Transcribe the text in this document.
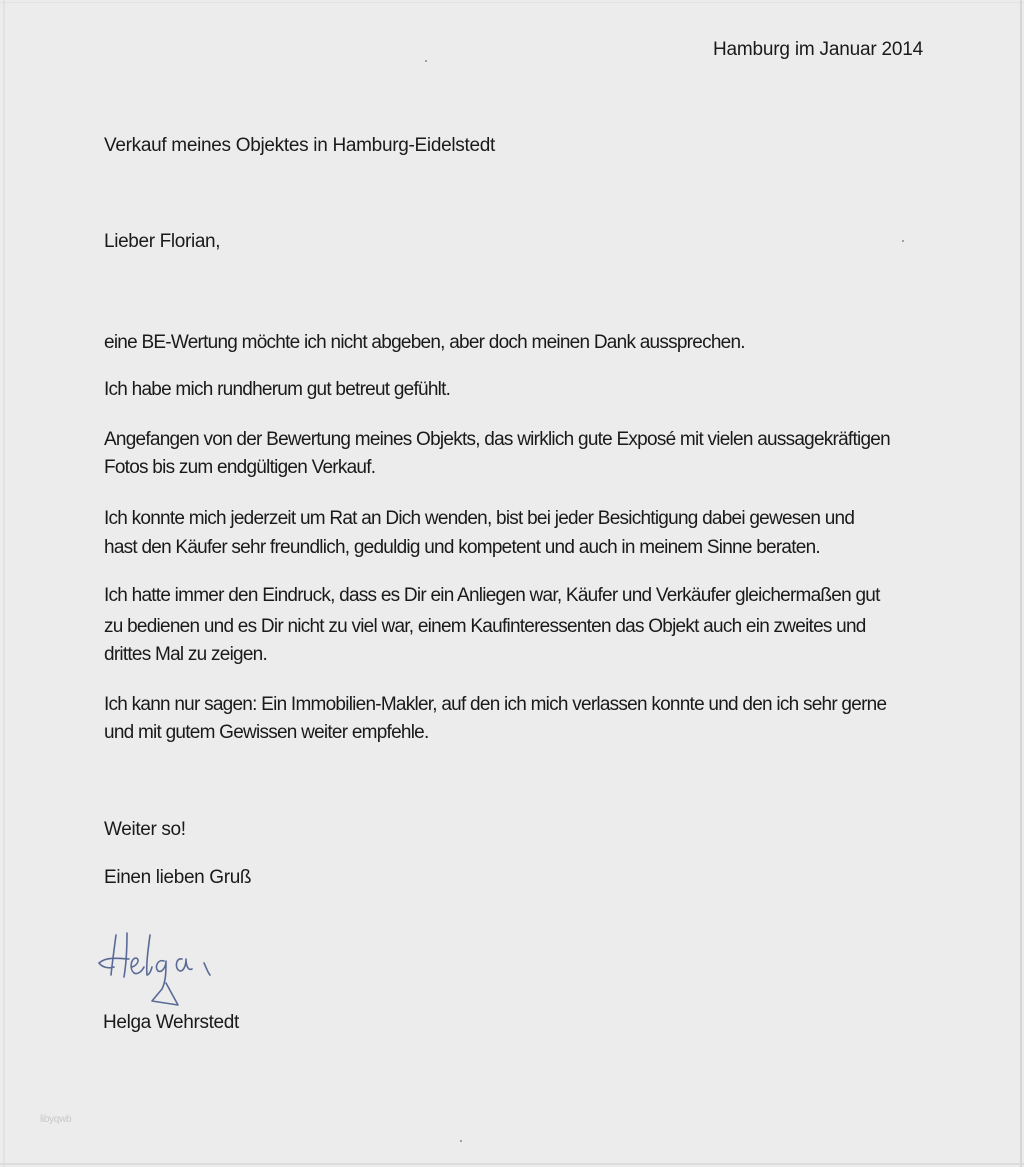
Hamburg im Januar 2014
Verkauf meines Objektes in Hamburg-Eidelstedt
Lieber Florian,
eine BE-Wertung möchte ich nicht abgeben, aber doch meinen Dank aussprechen.
Ich habe mich rundherum gut betreut gefühlt.
Angefangen von der Bewertung meines Objekts, das wirklich gute Exposé mit vielen aussagekräftigen
Fotos bis zum endgültigen Verkauf.
Ich konnte mich jederzeit um Rat an Dich wenden, bist bei jeder Besichtigung dabei gewesen und
hast den Käufer sehr freundlich, geduldig und kompetent und auch in meinem Sinne beraten.
Ich hatte immer den Eindruck, dass es Dir ein Anliegen war, Käufer und Verkäufer gleichermaßen gut
zu bedienen und es Dir nicht zu viel war, einem Kaufinteressenten das Objekt auch ein zweites und
drittes Mal zu zeigen.
Ich kann nur sagen: Ein Immobilien-Makler, auf den ich mich verlassen konnte und den ich sehr gerne
und mit gutem Gewissen weiter empfehle.
Weiter so!
Einen lieben Gruß
Helga Wehrstedt
libyqwb
